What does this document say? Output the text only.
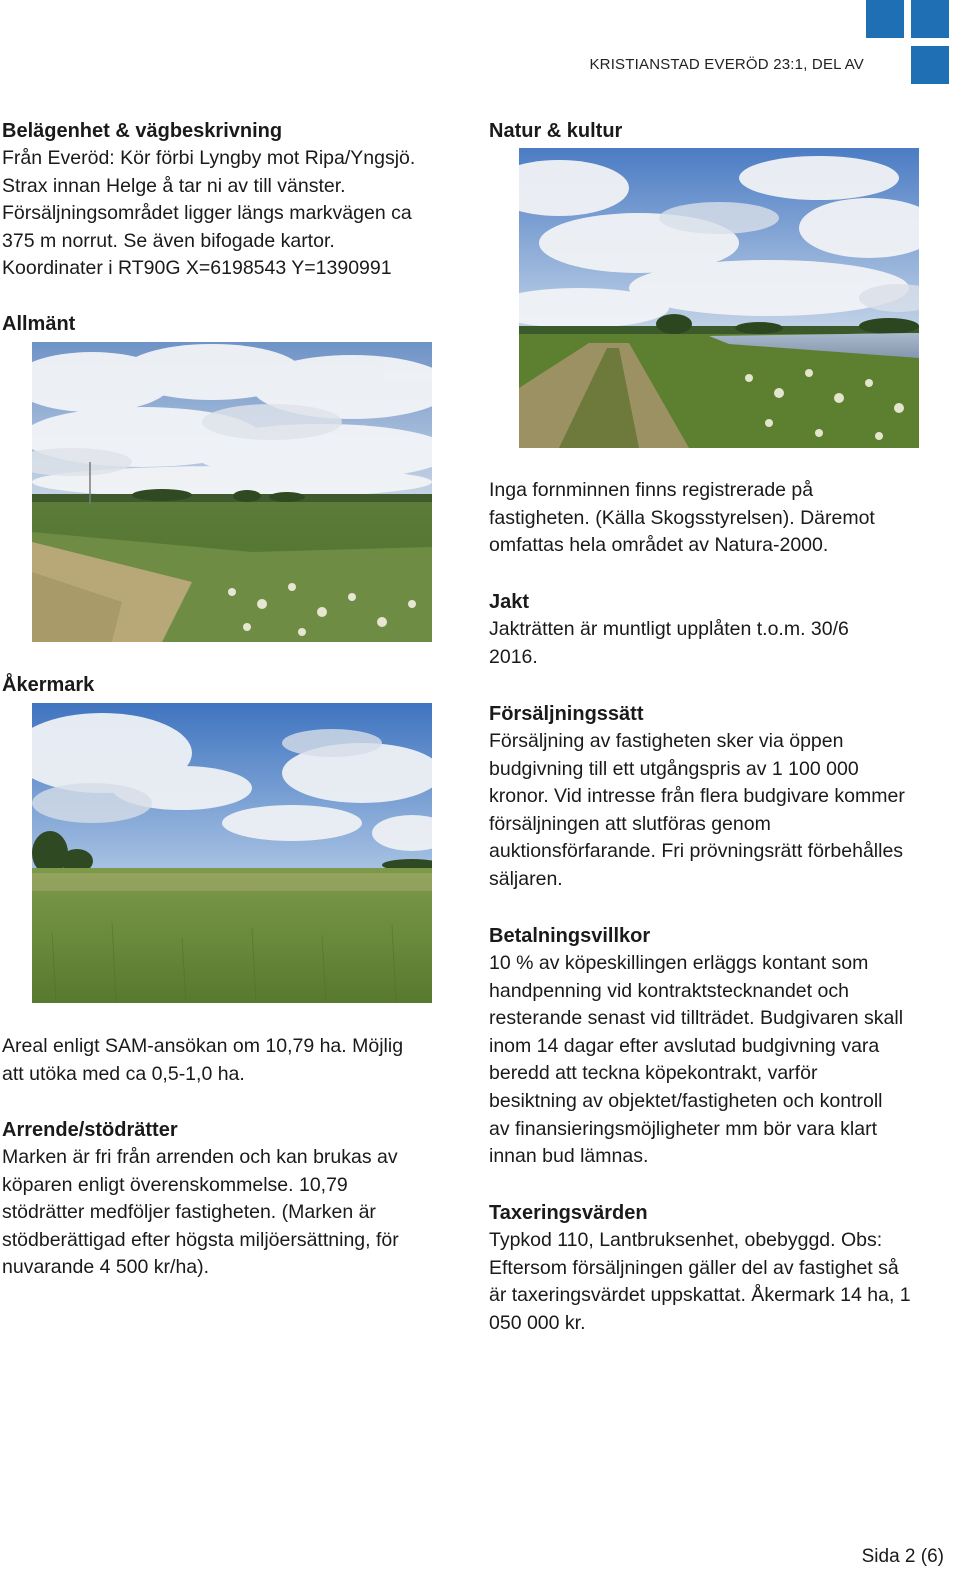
KRISTIANSTAD EVERÖD 23:1, DEL AV
Belägenhet & vägbeskrivning
Från Everöd: Kör förbi Lyngby mot Ripa/Yngsjö.
Strax innan Helge å tar ni av till vänster.
Försäljningsområdet ligger längs markvägen ca
375 m norrut. Se även bifogade kartor.
Koordinater i RT90G X=6198543 Y=1390991
Allmänt
Åkermark
Areal enligt SAM-ansökan om 10,79 ha. Möjlig
att utöka med ca 0,5-1,0 ha.
Arrende/stödrätter
Marken är fri från arrenden och kan brukas av
köparen enligt överenskommelse. 10,79
stödrätter medföljer fastigheten. (Marken är
stödberättigad efter högsta miljöersättning, för
nuvarande 4 500 kr/ha).
Natur & kultur
Inga fornminnen finns registrerade på
fastigheten. (Källa Skogsstyrelsen). Däremot
omfattas hela området av Natura-2000.
Jakt
Jakträtten är muntligt upplåten t.o.m. 30/6
2016.
Försäljningssätt
Försäljning av fastigheten sker via öppen
budgivning till ett utgångspris av 1 100 000
kronor. Vid intresse från flera budgivare kommer
försäljningen att slutföras genom
auktionsförfarande. Fri prövningsrätt förbehålles
säljaren.
Betalningsvillkor
10 % av köpeskillingen erläggs kontant som
handpenning vid kontraktstecknandet och
resterande senast vid tillträdet. Budgivaren skall
inom 14 dagar efter avslutad budgivning vara
beredd att teckna köpekontrakt, varför
besiktning av objektet/fastigheten och kontroll
av finansieringsmöjligheter mm bör vara klart
innan bud lämnas.
Taxeringsvärden
Typkod 110, Lantbruksenhet, obebyggd. Obs:
Eftersom försäljningen gäller del av fastighet så
är taxeringsvärdet uppskattat. Åkermark 14 ha, 1
050 000 kr.
Sida 2 (6)
